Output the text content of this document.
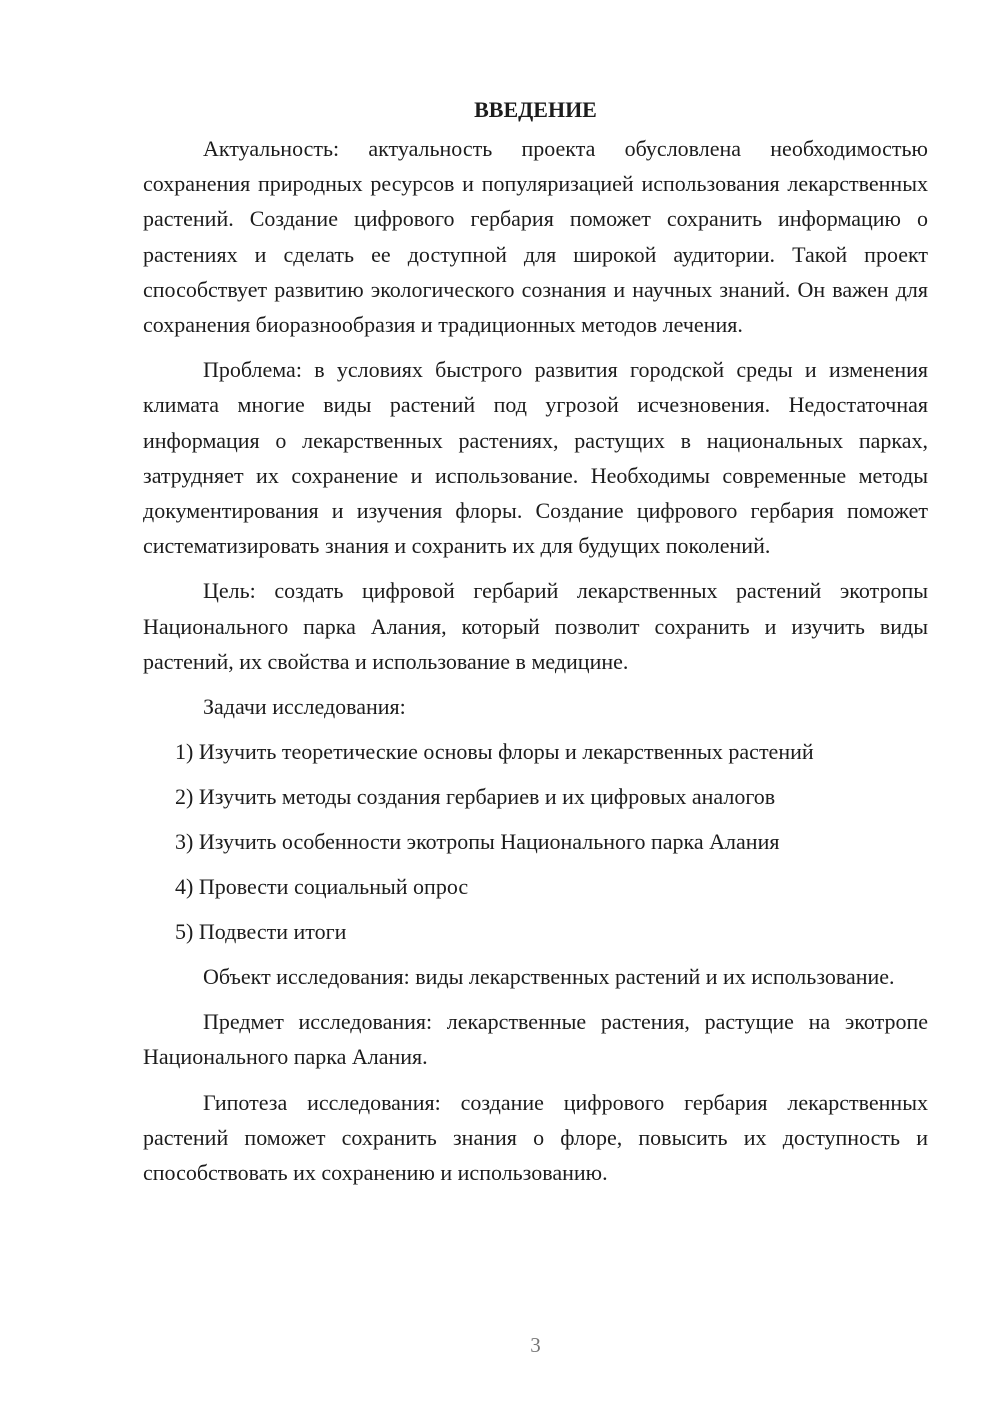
ВВЕДЕНИЕ

Актуальность: актуальность проекта обусловлена необходимостью сохранения природных ресурсов и популяризацией использования лекарственных растений. Создание цифрового гербария поможет сохранить информацию о растениях и сделать ее доступной для широкой аудитории. Такой проект способствует развитию экологического сознания и научных знаний. Он важен для сохранения биоразнообразия и традиционных методов лечения.

Проблема: в условиях быстрого развития городской среды и изменения климата многие виды растений под угрозой исчезновения. Недостаточная информация о лекарственных растениях, растущих в национальных парках, затрудняет их сохранение и использование. Необходимы современные методы документирования и изучения флоры. Создание цифрового гербария поможет систематизировать знания и сохранить их для будущих поколений.

Цель: создать цифровой гербарий лекарственных растений экотропы Национального парка Алания, который позволит сохранить и изучить виды растений, их свойства и использование в медицине.

Задачи исследования:

1) Изучить теоретические основы флоры и лекарственных растений
2) Изучить методы создания гербариев и их цифровых аналогов
3) Изучить особенности экотропы Национального парка Алания
4) Провести социальный опрос
5) Подвести итоги

Объект исследования: виды лекарственных растений и их использование.

Предмет исследования: лекарственные растения, растущие на экотропе Национального парка Алания.

Гипотеза исследования: создание цифрового гербария лекарственных растений поможет сохранить знания о флоре, повысить их доступность и способствовать их сохранению и использованию.

3
